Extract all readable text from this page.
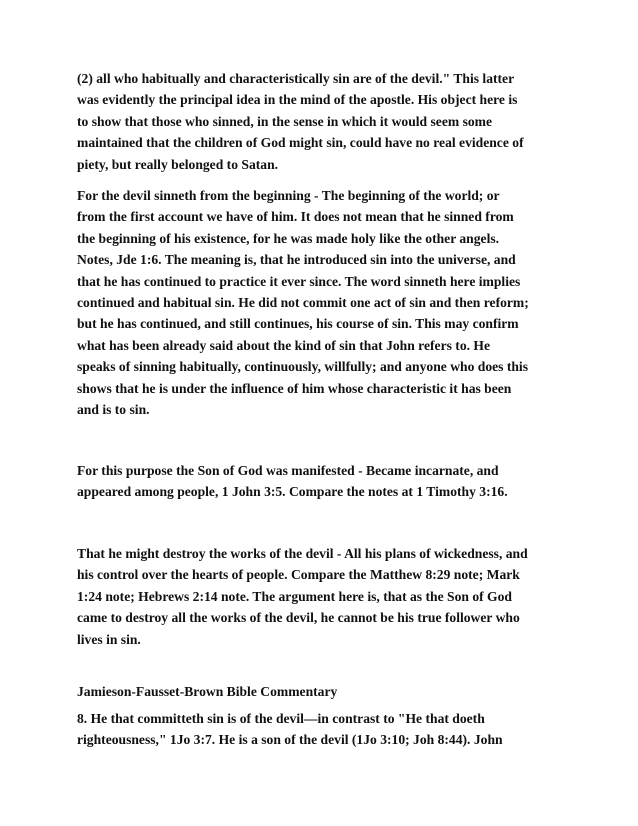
(2) all who habitually and characteristically sin are of the devil." This latter
was evidently the principal idea in the mind of the apostle. His object here is
to show that those who sinned, in the sense in which it would seem some
maintained that the children of God might sin, could have no real evidence of
piety, but really belonged to Satan.

For the devil sinneth from the beginning - The beginning of the world; or
from the first account we have of him. It does not mean that he sinned from
the beginning of his existence, for he was made holy like the other angels.
Notes, Jde 1:6. The meaning is, that he introduced sin into the universe, and
that he has continued to practice it ever since. The word sinneth here implies
continued and habitual sin. He did not commit one act of sin and then reform;
but he has continued, and still continues, his course of sin. This may confirm
what has been already said about the kind of sin that John refers to. He
speaks of sinning habitually, continuously, willfully; and anyone who does this
shows that he is under the influence of him whose characteristic it has been
and is to sin.

For this purpose the Son of God was manifested - Became incarnate, and
appeared among people, 1 John 3:5. Compare the notes at 1 Timothy 3:16.

That he might destroy the works of the devil - All his plans of wickedness, and
his control over the hearts of people. Compare the Matthew 8:29 note; Mark
1:24 note; Hebrews 2:14 note. The argument here is, that as the Son of God
came to destroy all the works of the devil, he cannot be his true follower who
lives in sin.

Jamieson-Fausset-Brown Bible Commentary

8. He that committeth sin is of the devil—in contrast to "He that doeth
righteousness," 1Jo 3:7. He is a son of the devil (1Jo 3:10; Joh 8:44). John
